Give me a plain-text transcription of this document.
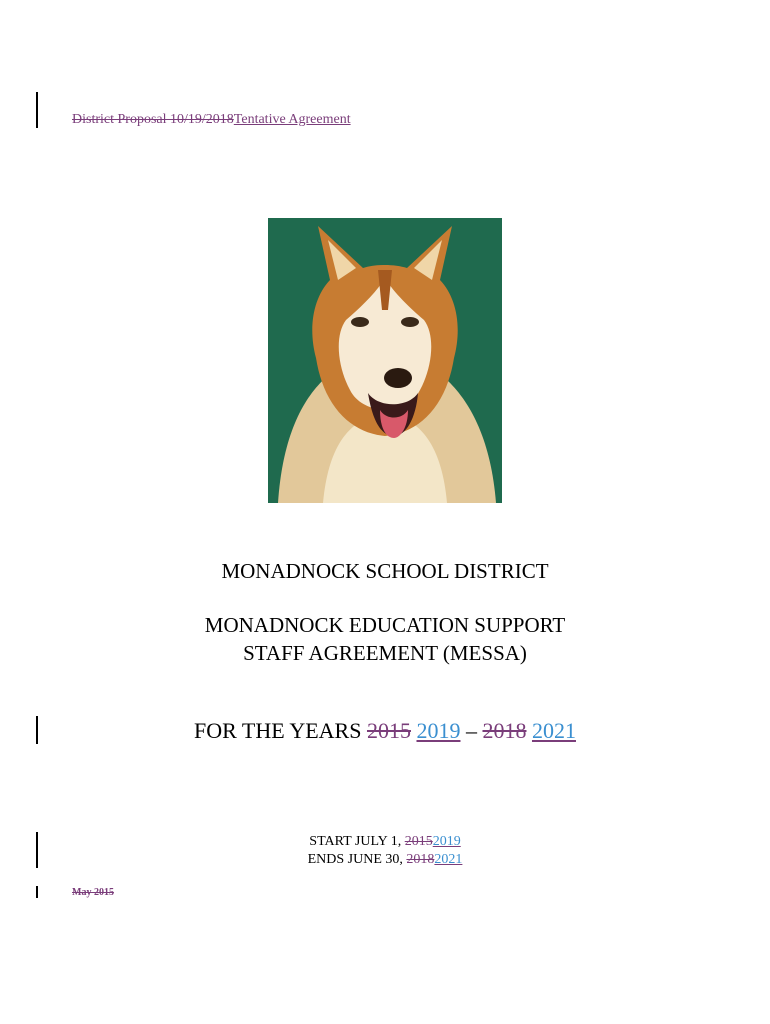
District Proposal 10/19/2018Tentative Agreement
MONADNOCK SCHOOL DISTRICT
MONADNOCK EDUCATION SUPPORT
STAFF AGREEMENT (MESSA)
FOR THE YEARS 2015 2019 – 2018 2021
START JULY 1, 20152019
ENDS JUNE 30, 20182021
May 2015
